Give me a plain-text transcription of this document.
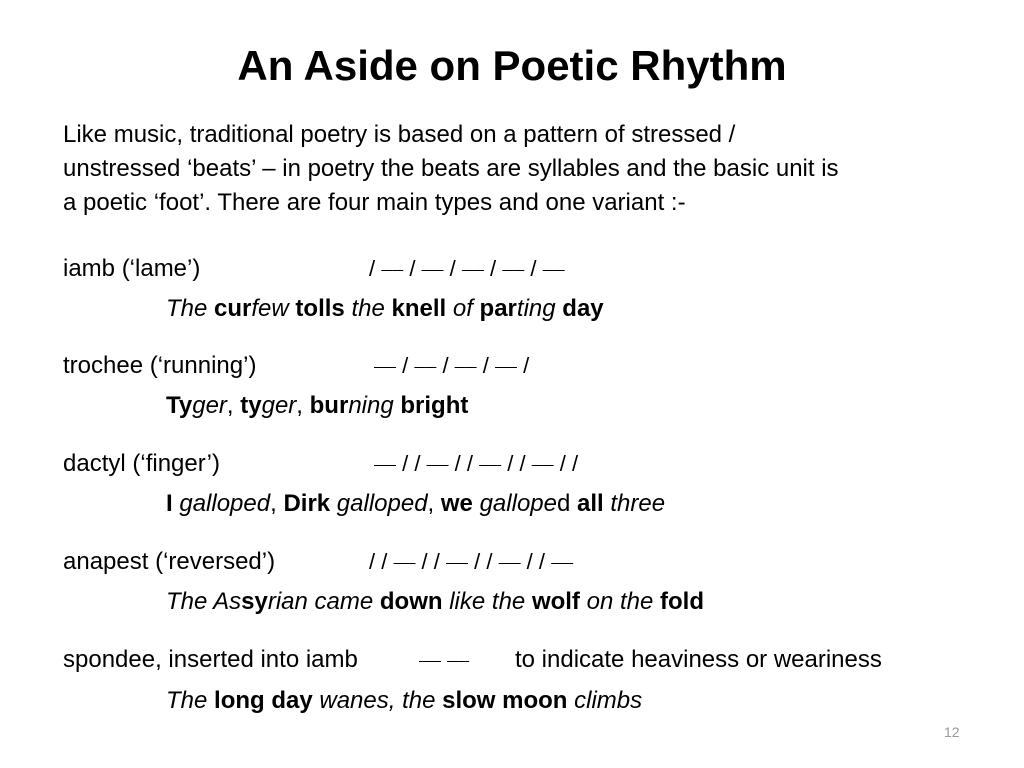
An Aside on Poetic Rhythm
Like music, traditional poetry is based on a pattern of stressed /
unstressed ‘beats’ – in poetry the beats are syllables and the basic unit is
a poetic ‘foot’. There are four main types and one variant :-
iamb (‘lame’)	/ ⎯⎯ / ⎯⎯ / ⎯⎯ / ⎯⎯ / ⎯⎯
The curfew tolls the knell of parting day
trochee (‘running’)	⎯⎯ / ⎯⎯ / ⎯⎯ / ⎯⎯ /
Tyger, tyger, burning bright
dactyl (‘finger’)	⎯⎯ / / ⎯⎯ / / ⎯⎯ / / ⎯⎯ / /
I galloped, Dirk galloped, we galloped all three
anapest (‘reversed’)	/ / ⎯⎯ / / ⎯⎯ / / ⎯⎯ / / ⎯⎯
The Assyrian came down like the wolf on the fold
spondee, inserted into iamb	⎯⎯ ⎯⎯ to indicate heaviness or weariness
The long day wanes, the slow moon climbs
12
